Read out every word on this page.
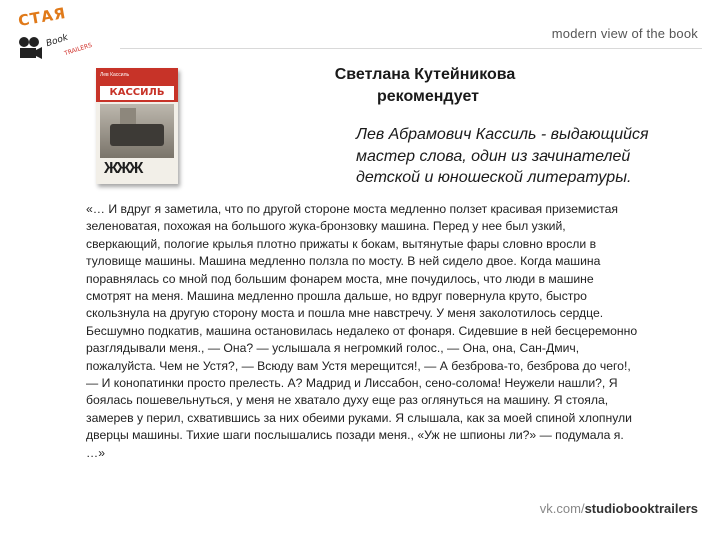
СТАЯ
Book
TRAILERS
modern view of the book
Лев Кассиль
КАССИЛЬ
ЖЖЖ
Светлана Кутейникова
рекомендует
Лев Абрамович Кассиль - выдающийся мастер слова, один из зачинателей детской и юношеской литературы.
«… И вдруг я заметила, что по другой стороне моста медленно ползет красивая приземистая зеленоватая, похожая на большого жука-бронзовку машина. Перед у нее был узкий, сверкающий, пологие крылья плотно прижаты к бокам, вытянутые фары словно вросли в туловище машины. Машина медленно ползла по мосту. В ней сидело двое. Когда машина поравнялась со мной под большим фонарем моста, мне почудилось, что люди в машине смотрят на меня. Машина медленно прошла дальше, но вдруг повернула круто, быстро скользнула на другую сторону моста и пошла мне навстречу. У меня заколотилось сердце. Бесшумно подкатив, машина остановилась недалеко от фонаря. Сидевшие в ней бесцеремонно разглядывали меня., — Она? — услышала я негромкий голос., — Она, она, Сан-Дмич, пожалуйста. Чем не Устя?, — Всюду вам Устя мерещится!, — А безброва-то, безброва до чего!, — И конопатинки просто прелесть. А? Мадрид и Лиссабон, сено-солома! Неужели нашли?, Я боялась пошевельнуться, у меня не хватало духу еще раз оглянуться на машину. Я стояла, замерев у перил, схватившись за них обеими руками. Я слышала, как за моей спиной хлопнули дверцы машины. Тихие шаги послышались позади меня., «Уж не шпионы ли?» — подумала я. …»
vk.com/studiobooktrailers
